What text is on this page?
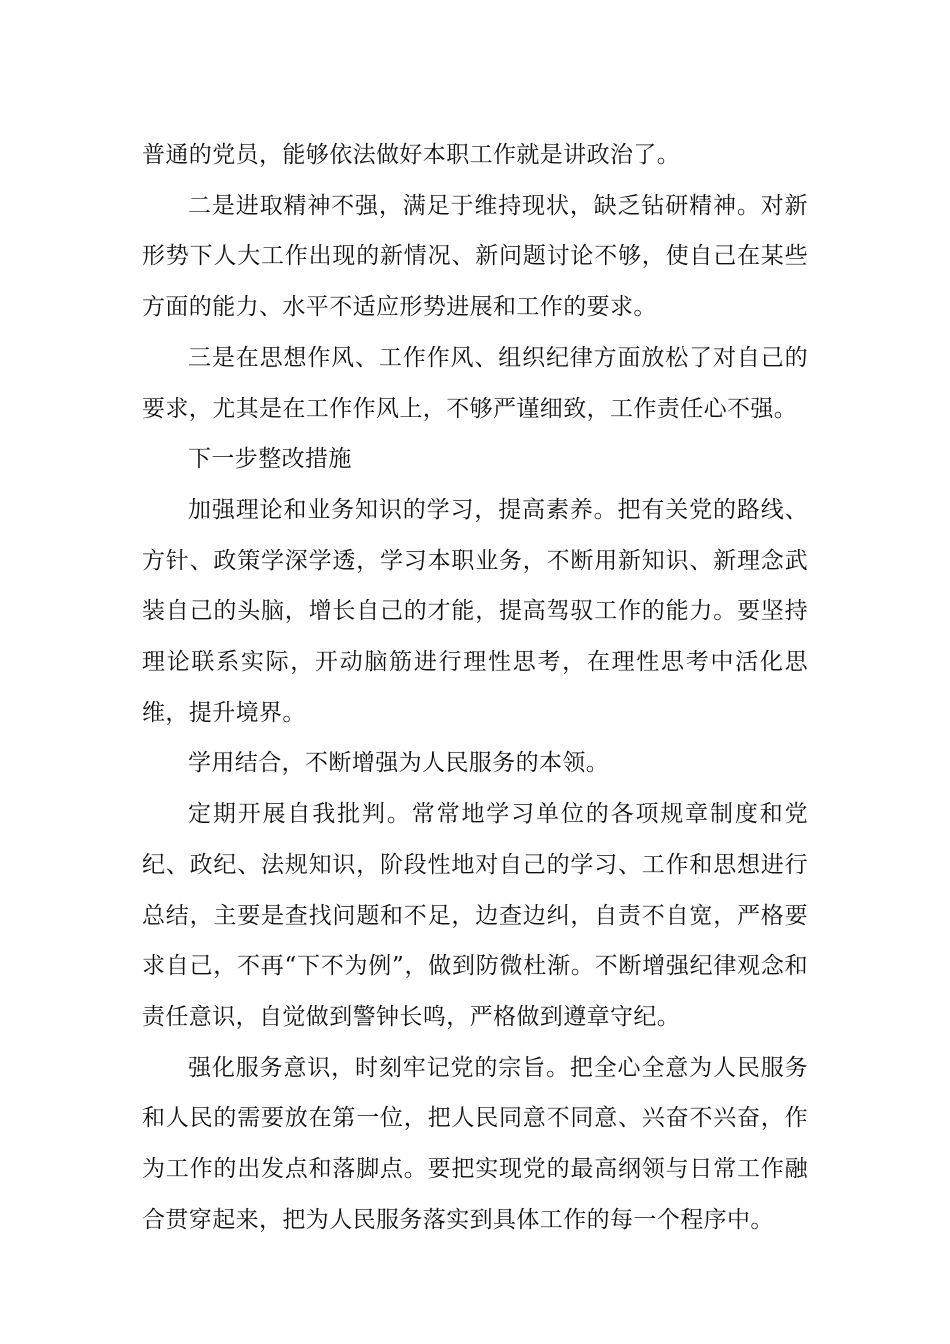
普通的党员，能够依法做好本职工作就是讲政治了。

二是进取精神不强，满足于维持现状，缺乏钻研精神。对新形势下人大工作出现的新情况、新问题讨论不够，使自己在某些方面的能力、水平不适应形势进展和工作的要求。

三是在思想作风、工作作风、组织纪律方面放松了对自己的要求，尤其是在工作作风上，不够严谨细致，工作责任心不强。

下一步整改措施

加强理论和业务知识的学习，提高素养。把有关党的路线、方针、政策学深学透，学习本职业务，不断用新知识、新理念武装自己的头脑，增长自己的才能，提高驾驭工作的能力。要坚持理论联系实际，开动脑筋进行理性思考，在理性思考中活化思维，提升境界。

学用结合，不断增强为人民服务的本领。

定期开展自我批判。常常地学习单位的各项规章制度和党纪、政纪、法规知识，阶段性地对自己的学习、工作和思想进行总结，主要是查找问题和不足，边查边纠，自责不自宽，严格要求自己，不再“下不为例”，做到防微杜渐。不断增强纪律观念和责任意识，自觉做到警钟长鸣，严格做到遵章守纪。

强化服务意识，时刻牢记党的宗旨。把全心全意为人民服务和人民的需要放在第一位，把人民同意不同意、兴奋不兴奋，作为工作的出发点和落脚点。要把实现党的最高纲领与日常工作融合贯穿起来，把为人民服务落实到具体工作的每一个程序中。
